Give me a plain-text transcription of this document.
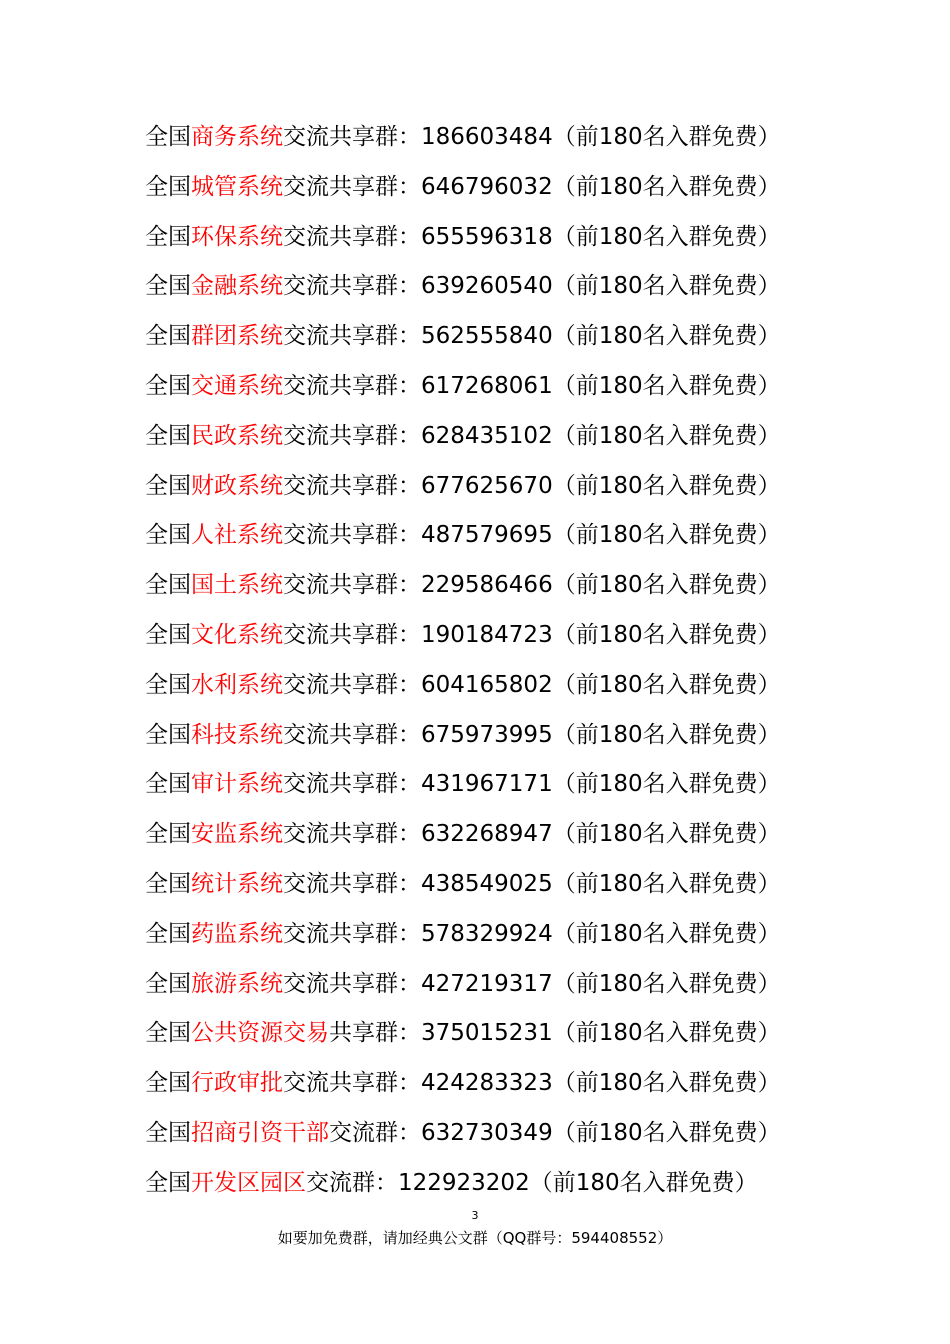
全国商务系统交流共享群：186603484（前180名入群免费）
全国城管系统交流共享群：646796032（前180名入群免费）
全国环保系统交流共享群：655596318（前180名入群免费）
全国金融系统交流共享群：639260540（前180名入群免费）
全国群团系统交流共享群：562555840（前180名入群免费）
全国交通系统交流共享群：617268061（前180名入群免费）
全国民政系统交流共享群：628435102（前180名入群免费）
全国财政系统交流共享群：677625670（前180名入群免费）
全国人社系统交流共享群：487579695（前180名入群免费）
全国国土系统交流共享群：229586466（前180名入群免费）
全国文化系统交流共享群：190184723（前180名入群免费）
全国水利系统交流共享群：604165802（前180名入群免费）
全国科技系统交流共享群：675973995（前180名入群免费）
全国审计系统交流共享群：431967171（前180名入群免费）
全国安监系统交流共享群：632268947（前180名入群免费）
全国统计系统交流共享群：438549025（前180名入群免费）
全国药监系统交流共享群：578329924（前180名入群免费）
全国旅游系统交流共享群：427219317（前180名入群免费）
全国公共资源交易共享群：375015231（前180名入群免费）
全国行政审批交流共享群：424283323（前180名入群免费）
全国招商引资干部交流群：632730349（前180名入群免费）
全国开发区园区交流群：122923202（前180名入群免费）
3
如要加免费群，请加经典公文群（QQ群号：594408552）
